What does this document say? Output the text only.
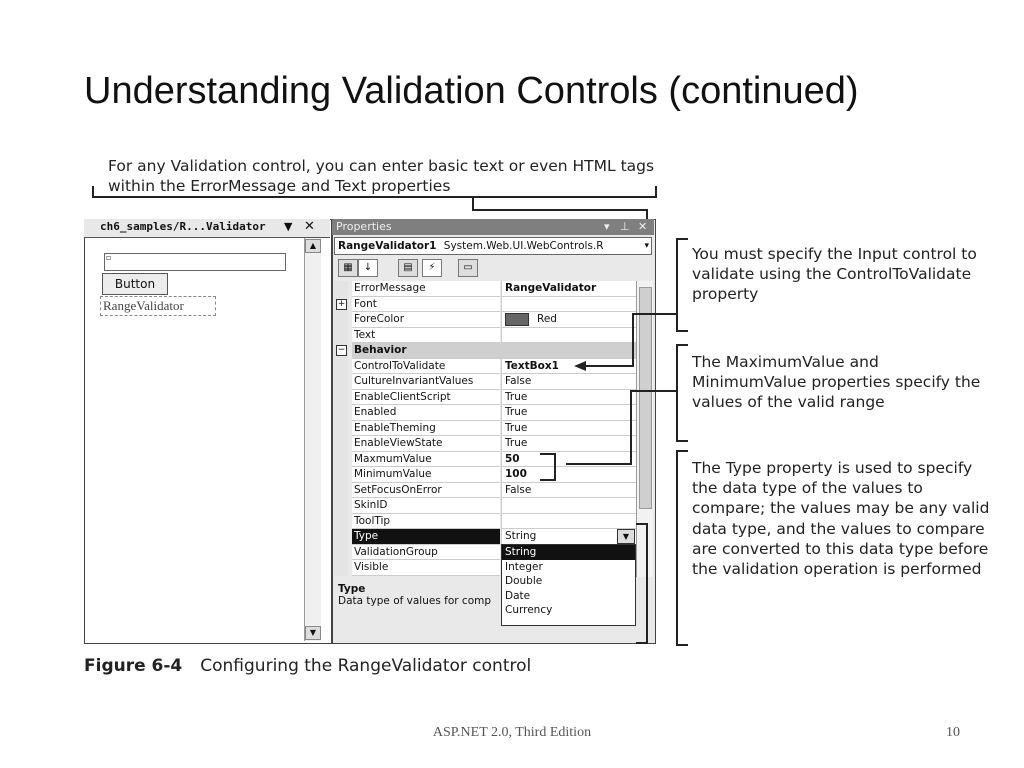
Understanding Validation Controls (continued)
For any Validation control, you can enter basic text or even HTML tags within the ErrorMessage and Text properties
ch6_samples/R...Validator ▼ ✕
▲
▼
▫
Button
RangeValidator
Properties	▾ ⊥ ✕
RangeValidator1 System.Web.UI.WebControls.R	▾
▦	↓	▤	⚡	▭
ErrorMessage	RangeValidator
+ Font
ForeColor	Red
Text
− Behavior
ControlToValidate	TextBox1
CultureInvariantValues	False
EnableClientScript	True
Enabled	True
EnableTheming	True
EnableViewState	True
MaxmumValue	50
MinimumValue	100
SetFocusOnError	False
SkinID
ToolTip
Type	String
ValidationGroup
Visible
▼
String
Integer
Double
Date
Currency
Type
Data type of values for comp
You must specify the Input control to validate using the ControlToValidate property
The MaximumValue and MinimumValue properties specify the values of the valid range
The Type property is used to specify the data type of the values to compare; the values may be any valid data type, and the values to compare are converted to this data type before the validation operation is performed
Figure 6-4 Configuring the RangeValidator control
ASP.NET 2.0, Third Edition	10
